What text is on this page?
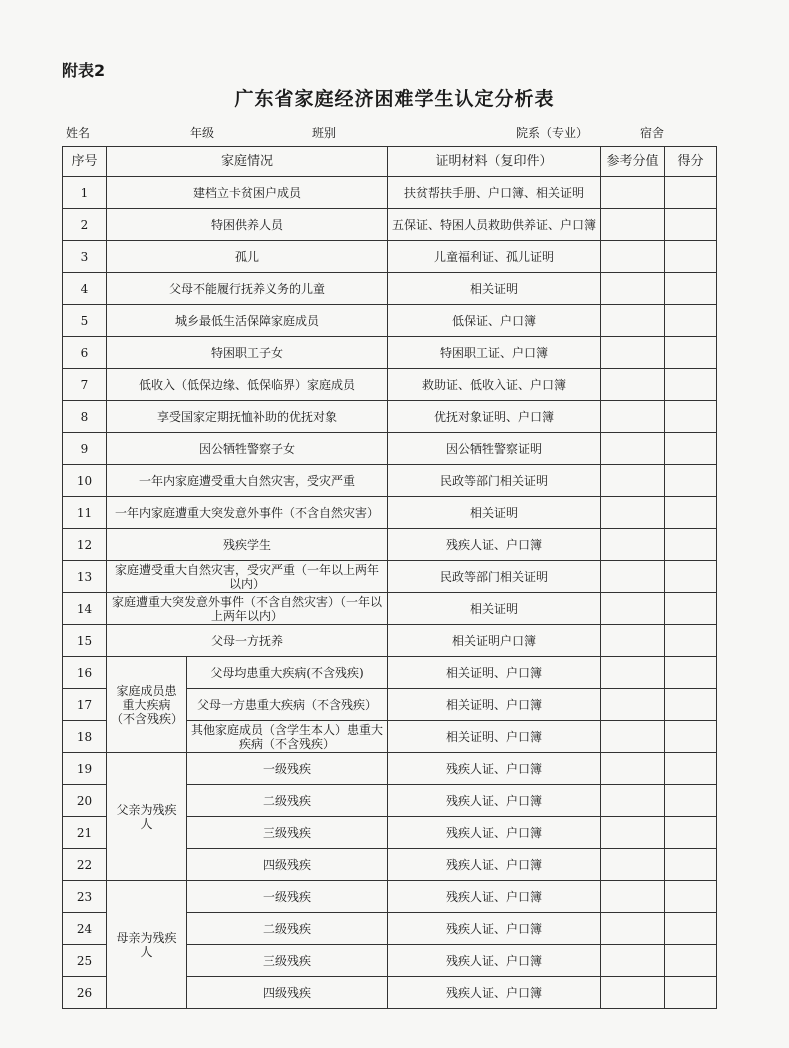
附表2
广东省家庭经济困难学生认定分析表
姓名	年级	班别	院系（专业）	宿舍
序号	家庭情况		证明材料（复印件）	参考分值	得分
1	建档立卡贫困户成员		扶贫帮扶手册、户口簿、相关证明		
2	特困供养人员		五保证、特困人员救助供养证、户口簿		
3	孤儿		儿童福利证、孤儿证明		
4	父母不能履行抚养义务的儿童		相关证明		
5	城乡最低生活保障家庭成员		低保证、户口簿		
6	特困职工子女		特困职工证、户口簿		
7	低收入（低保边缘、低保临界）家庭成员		救助证、低收入证、户口簿		
8	享受国家定期抚恤补助的优抚对象		优抚对象证明、户口簿		
9	因公牺牲警察子女		因公牺牲警察证明		
10	一年内家庭遭受重大自然灾害，受灾严重		民政等部门相关证明		
11	一年内家庭遭重大突发意外事件（不含自然灾害）		相关证明		
12	残疾学生		残疾人证、户口簿		
13	家庭遭受重大自然灾害，受灾严重（一年以上两年以内）		民政等部门相关证明		
14	家庭遭重大突发意外事件（不含自然灾害）（一年以上两年以内）		相关证明		
15	父母一方抚养		相关证明户口簿		
16	家庭成员患重大疾病（不含残疾）	父母均患重大疾病(不含残疾)	相关证明、户口簿		
17		父母一方患重大疾病（不含残疾）	相关证明、户口簿		
18		其他家庭成员（含学生本人）患重大疾病（不含残疾）	相关证明、户口簿		
19	父亲为残疾人	一级残疾	残疾人证、户口簿		
20		二级残疾	残疾人证、户口簿		
21		三级残疾	残疾人证、户口簿		
22		四级残疾	残疾人证、户口簿		
23	母亲为残疾人	一级残疾	残疾人证、户口簿		
24		二级残疾	残疾人证、户口簿		
25		三级残疾	残疾人证、户口簿		
26		四级残疾	残疾人证、户口簿		
